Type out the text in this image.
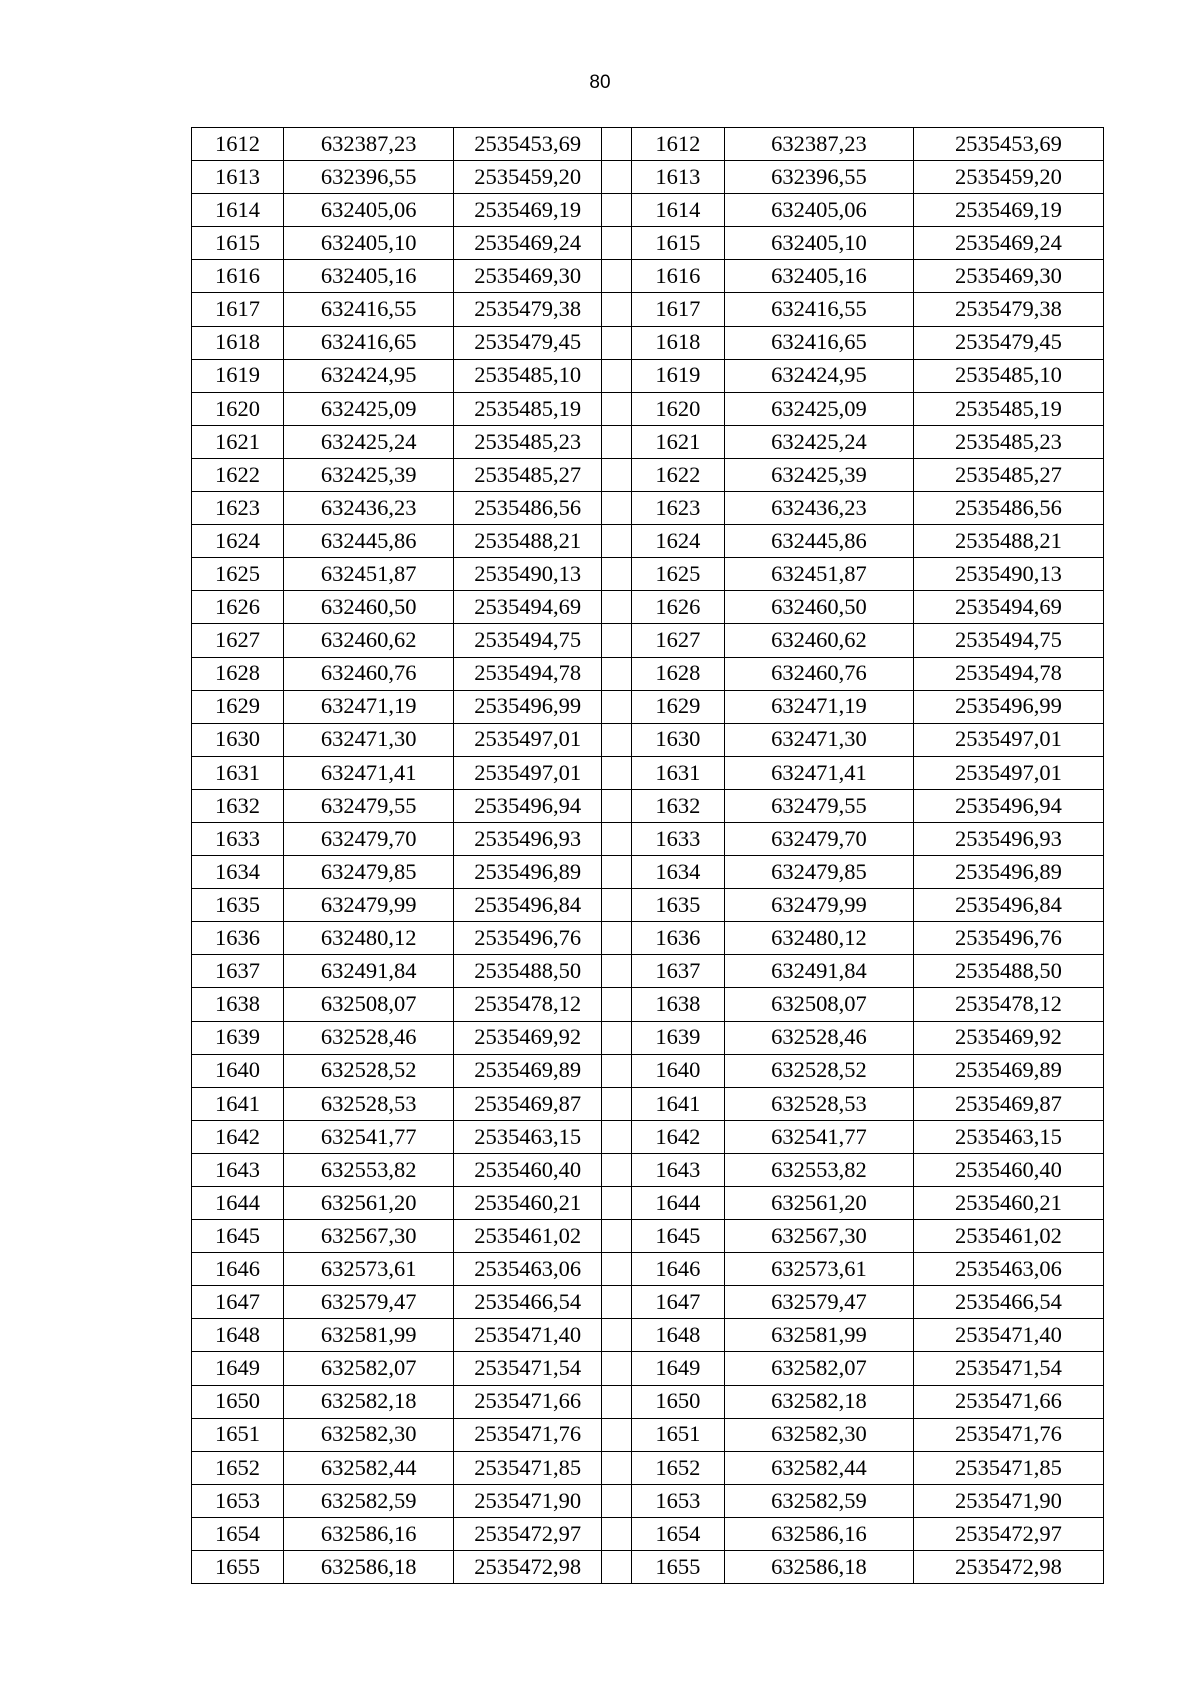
80
1612	632387,23	2535453,69		1612	632387,23	2535453,69
1613	632396,55	2535459,20		1613	632396,55	2535459,20
1614	632405,06	2535469,19		1614	632405,06	2535469,19
1615	632405,10	2535469,24		1615	632405,10	2535469,24
1616	632405,16	2535469,30		1616	632405,16	2535469,30
1617	632416,55	2535479,38		1617	632416,55	2535479,38
1618	632416,65	2535479,45		1618	632416,65	2535479,45
1619	632424,95	2535485,10		1619	632424,95	2535485,10
1620	632425,09	2535485,19		1620	632425,09	2535485,19
1621	632425,24	2535485,23		1621	632425,24	2535485,23
1622	632425,39	2535485,27		1622	632425,39	2535485,27
1623	632436,23	2535486,56		1623	632436,23	2535486,56
1624	632445,86	2535488,21		1624	632445,86	2535488,21
1625	632451,87	2535490,13		1625	632451,87	2535490,13
1626	632460,50	2535494,69		1626	632460,50	2535494,69
1627	632460,62	2535494,75		1627	632460,62	2535494,75
1628	632460,76	2535494,78		1628	632460,76	2535494,78
1629	632471,19	2535496,99		1629	632471,19	2535496,99
1630	632471,30	2535497,01		1630	632471,30	2535497,01
1631	632471,41	2535497,01		1631	632471,41	2535497,01
1632	632479,55	2535496,94		1632	632479,55	2535496,94
1633	632479,70	2535496,93		1633	632479,70	2535496,93
1634	632479,85	2535496,89		1634	632479,85	2535496,89
1635	632479,99	2535496,84		1635	632479,99	2535496,84
1636	632480,12	2535496,76		1636	632480,12	2535496,76
1637	632491,84	2535488,50		1637	632491,84	2535488,50
1638	632508,07	2535478,12		1638	632508,07	2535478,12
1639	632528,46	2535469,92		1639	632528,46	2535469,92
1640	632528,52	2535469,89		1640	632528,52	2535469,89
1641	632528,53	2535469,87		1641	632528,53	2535469,87
1642	632541,77	2535463,15		1642	632541,77	2535463,15
1643	632553,82	2535460,40		1643	632553,82	2535460,40
1644	632561,20	2535460,21		1644	632561,20	2535460,21
1645	632567,30	2535461,02		1645	632567,30	2535461,02
1646	632573,61	2535463,06		1646	632573,61	2535463,06
1647	632579,47	2535466,54		1647	632579,47	2535466,54
1648	632581,99	2535471,40		1648	632581,99	2535471,40
1649	632582,07	2535471,54		1649	632582,07	2535471,54
1650	632582,18	2535471,66		1650	632582,18	2535471,66
1651	632582,30	2535471,76		1651	632582,30	2535471,76
1652	632582,44	2535471,85		1652	632582,44	2535471,85
1653	632582,59	2535471,90		1653	632582,59	2535471,90
1654	632586,16	2535472,97		1654	632586,16	2535472,97
1655	632586,18	2535472,98		1655	632586,18	2535472,98
